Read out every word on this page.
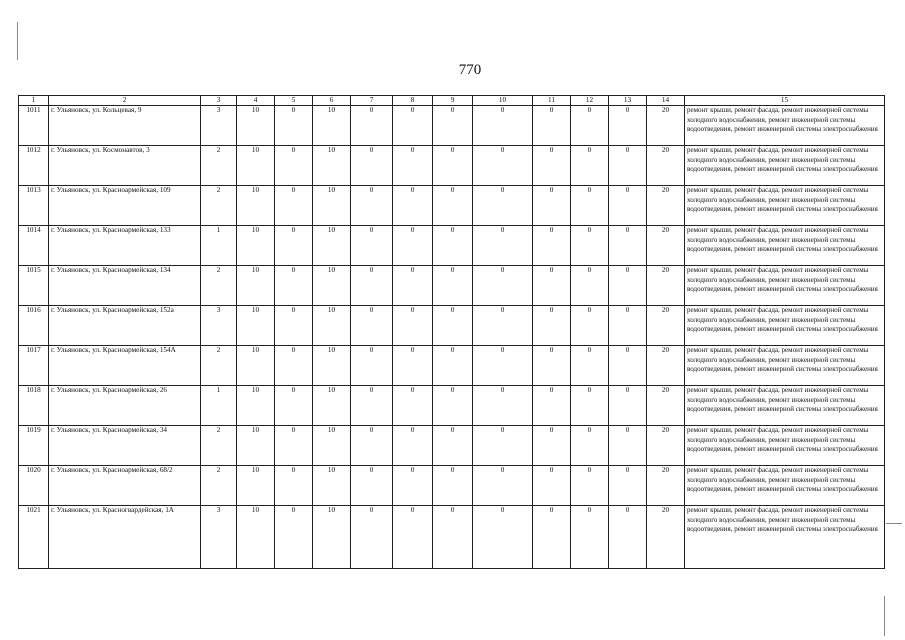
770
1	2	3	4	5	6	7	8	9	10	11	12	13	14	15
1011	г. Ульяновск, ул. Кольцевая, 9	3	10	0	10	0	0	0	0	0	0	0	20	ремонт крыши, ремонт фасада, ремонт инженерной системы холодного водоснабжения, ремонт инженерной системы водоотведения, ремонт инженерной системы электроснабжения
1012	г. Ульяновск, ул. Космонавтов, 3	2	10	0	10	0	0	0	0	0	0	0	20	ремонт крыши, ремонт фасада, ремонт инженерной системы холодного водоснабжения, ремонт инженерной системы водоотведения, ремонт инженерной системы электроснабжения
1013	г. Ульяновск, ул. Красноармейская, 109	2	10	0	10	0	0	0	0	0	0	0	20	ремонт крыши, ремонт фасада, ремонт инженерной системы холодного водоснабжения, ремонт инженерной системы водоотведения, ремонт инженерной системы электроснабжения
1014	г. Ульяновск, ул. Красноармейская, 133	1	10	0	10	0	0	0	0	0	0	0	20	ремонт крыши, ремонт фасада, ремонт инженерной системы холодного водоснабжения, ремонт инженерной системы водоотведения, ремонт инженерной системы электроснабжения
1015	г. Ульяновск, ул. Красноармейская, 134	2	10	0	10	0	0	0	0	0	0	0	20	ремонт крыши, ремонт фасада, ремонт инженерной системы холодного водоснабжения, ремонт инженерной системы водоотведения, ремонт инженерной системы электроснабжения
1016	г. Ульяновск, ул. Красноармейская, 152а	3	10	0	10	0	0	0	0	0	0	0	20	ремонт крыши, ремонт фасада, ремонт инженерной системы холодного водоснабжения, ремонт инженерной системы водоотведения, ремонт инженерной системы электроснабжения
1017	г. Ульяновск, ул. Красноармейская, 154А	2	10	0	10	0	0	0	0	0	0	0	20	ремонт крыши, ремонт фасада, ремонт инженерной системы холодного водоснабжения, ремонт инженерной системы водоотведения, ремонт инженерной системы электроснабжения
1018	г. Ульяновск, ул. Красноармейская, 26	1	10	0	10	0	0	0	0	0	0	0	20	ремонт крыши, ремонт фасада, ремонт инженерной системы холодного водоснабжения, ремонт инженерной системы водоотведения, ремонт инженерной системы электроснабжения
1019	г. Ульяновск, ул. Красноармейская, 34	2	10	0	10	0	0	0	0	0	0	0	20	ремонт крыши, ремонт фасада, ремонт инженерной системы холодного водоснабжения, ремонт инженерной системы водоотведения, ремонт инженерной системы электроснабжения
1020	г. Ульяновск, ул. Красноармейская, 68/2	2	10	0	10	0	0	0	0	0	0	0	20	ремонт крыши, ремонт фасада, ремонт инженерной системы холодного водоснабжения, ремонт инженерной системы водоотведения, ремонт инженерной системы электроснабжения
1021	г. Ульяновск, ул. Красногвардейская, 1А	3	10	0	10	0	0	0	0	0	0	0	20	ремонт крыши, ремонт фасада, ремонт инженерной системы холодного водоснабжения, ремонт инженерной системы водоотведения, ремонт инженерной системы электроснабжения
